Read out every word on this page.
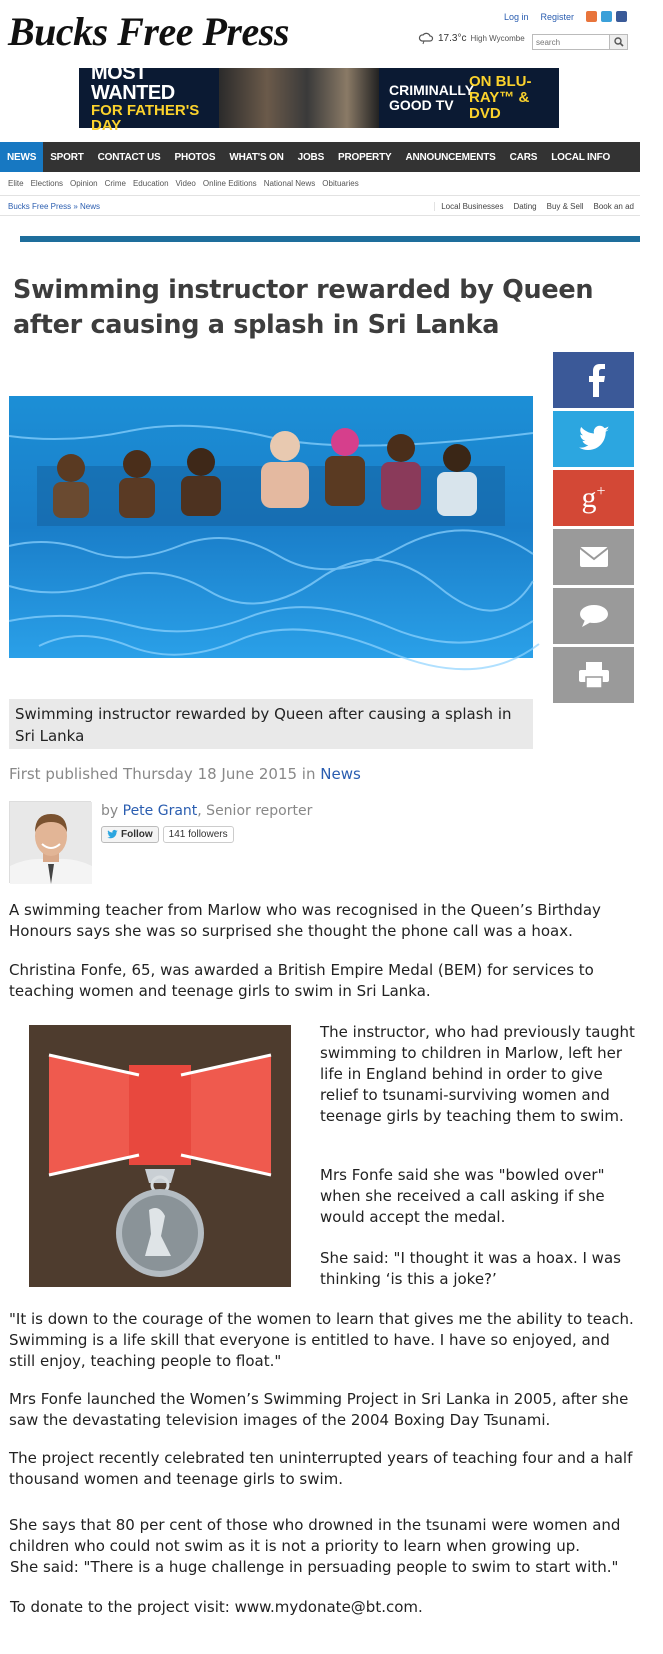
Bucks Free Press	Log in Register
17.3°c High Wycombe
search
MOST WANTED
FOR FATHER'S DAY
CRIMINALLY GOOD TV
ON BLU-RAY™ & DVD
NEWS	SPORT	CONTACT US	PHOTOS	WHAT'S ON	JOBS	PROPERTY	ANNOUNCEMENTS	CARS	LOCAL INFO
Elite Elections Opinion Crime Education Video Online Editions National News Obituaries
Bucks Free Press » News	Local Businesses Dating Buy & Sell Book an ad
Swimming instructor rewarded by Queen after causing a splash in Sri Lanka
g+
Swimming instructor rewarded by Queen after causing a splash in Sri Lanka
First published Thursday 18 June 2015 in News
by Pete Grant, Senior reporter
Follow	141 followers

A swimming teacher from Marlow who was recognised in the Queen’s Birthday Honours says she was so surprised she thought the phone call was a hoax.

Christina Fonfe, 65, was awarded a British Empire Medal (BEM) for services to teaching women and teenage girls to swim in Sri Lanka.

The instructor, who had previously taught swimming to children in Marlow, left her life in England behind in order to give relief to tsunami-surviving women and teenage girls by teaching them to swim.

Mrs Fonfe said she was "bowled over" when she received a call asking if she would accept the medal.

She said: "I thought it was a hoax. I was thinking ‘is this a joke?’

"It is down to the courage of the women to learn that gives me the ability to teach. Swimming is a life skill that everyone is entitled to have. I have so enjoyed, and still enjoy, teaching people to float."

Mrs Fonfe launched the Women’s Swimming Project in Sri Lanka in 2005, after she saw the devastating television images of the 2004 Boxing Day Tsunami.

The project recently celebrated ten uninterrupted years of teaching four and a half thousand women and teenage girls to swim.

She says that 80 per cent of those who drowned in the tsunami were women and children who could not swim as it is not a priority to learn when growing up.

She said: "There is a huge challenge in persuading people to swim to start with."

To donate to the project visit: www.mydonate@bt.com.
